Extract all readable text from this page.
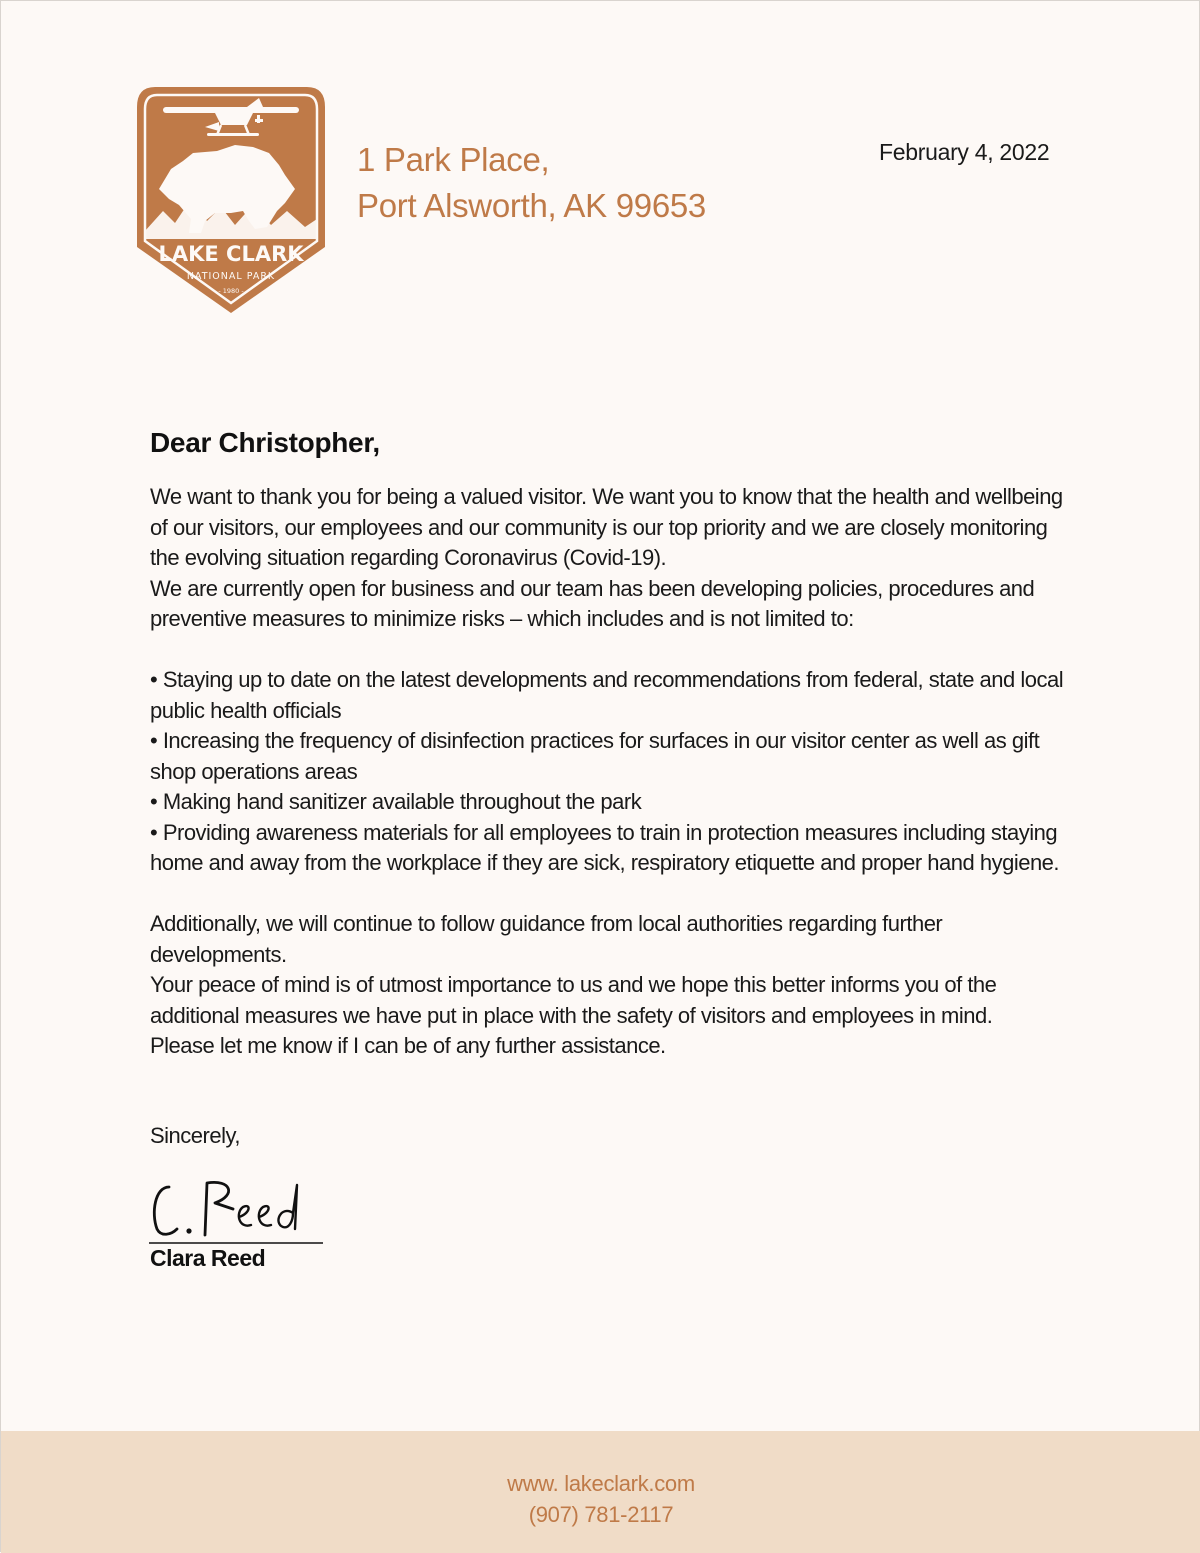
LAKE CLARK
NATIONAL PARK
- 1980 -
1 Park Place,
Port Alsworth, AK 99653
February 4, 2022
Dear Christopher,

We want to thank you for being a valued visitor. We want you to know that the health and wellbeing of our visitors, our employees and our community is our top priority and we are closely monitoring the evolving situation regarding Coronavirus (Covid-19).

We are currently open for business and our team has been developing policies, procedures and preventive measures to minimize risks – which includes and is not limited to:

• Staying up to date on the latest developments and recommendations from federal, state and local public health officials

• Increasing the frequency of disinfection practices for surfaces in our visitor center as well as gift shop operations areas

• Making hand sanitizer available throughout the park

• Providing awareness materials for all employees to train in protection measures including staying home and away from the workplace if they are sick, respiratory etiquette and proper hand hygiene.

Additionally, we will continue to follow guidance from local authorities regarding further developments.

Your peace of mind is of utmost importance to us and we hope this better informs you of the additional measures we have put in place with the safety of visitors and employees in mind.

Please let me know if I can be of any further assistance.

Sincerely,
Clara Reed
www. lakeclark.com
(907) 781-2117
